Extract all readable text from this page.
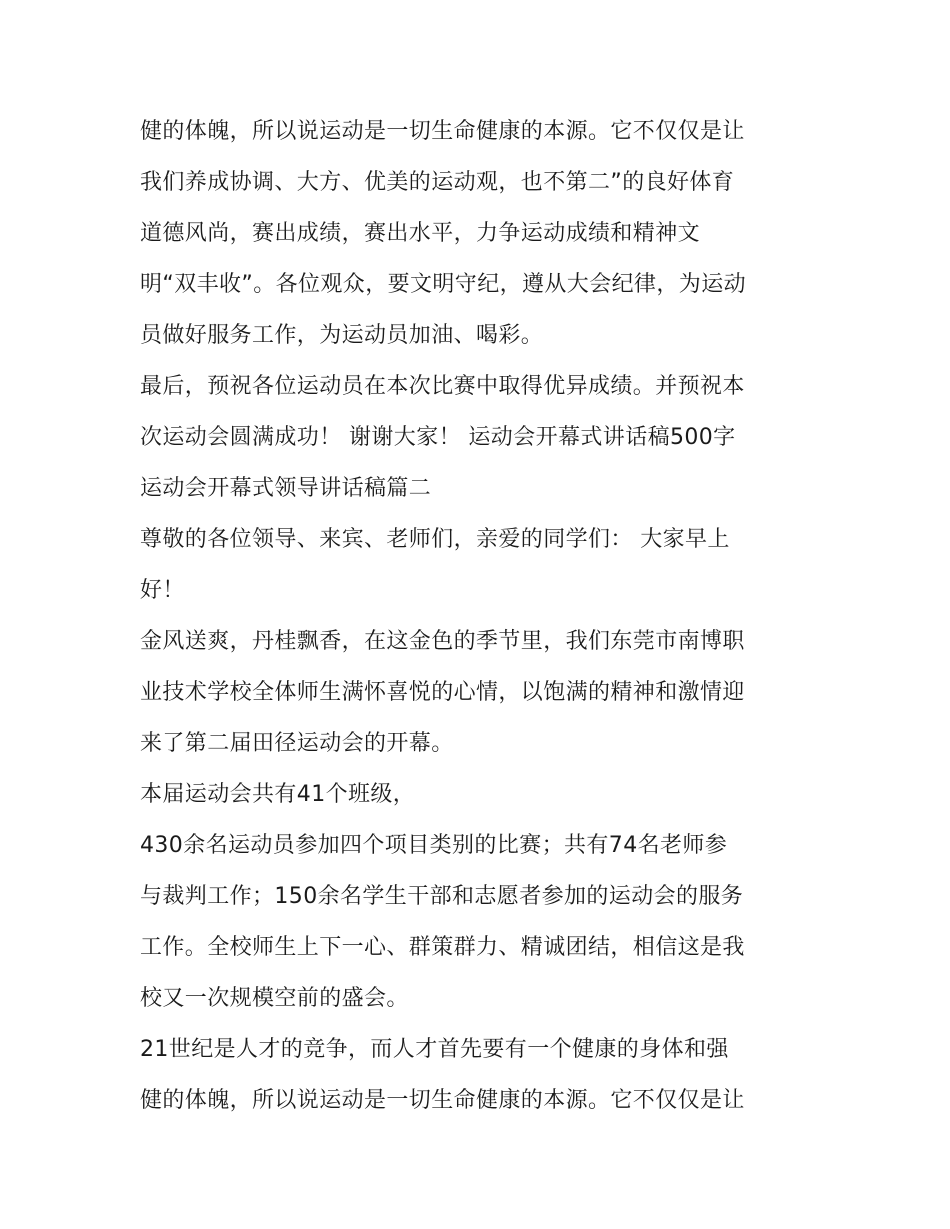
健的体魄，所以说运动是一切生命健康的本源。它不仅仅是让
我们养成协调、大方、优美的运动观，也不第二”的良好体育
道德风尚，赛出成绩，赛出水平，力争运动成绩和精神文
明“双丰收”。各位观众，要文明守纪，遵从大会纪律，为运动
员做好服务工作，为运动员加油、喝彩。
最后，预祝各位运动员在本次比赛中取得优异成绩。并预祝本
次运动会圆满成功！ 谢谢大家！ 运动会开幕式讲话稿500字
运动会开幕式领导讲话稿篇二
尊敬的各位领导、来宾、老师们，亲爱的同学们： 大家早上
好！
金风送爽，丹桂飘香，在这金色的季节里，我们东莞市南博职
业技术学校全体师生满怀喜悦的心情，以饱满的精神和激情迎
来了第二届田径运动会的开幕。
本届运动会共有41个班级，
430余名运动员参加四个项目类别的比赛；共有74名老师参
与裁判工作；150余名学生干部和志愿者参加的运动会的服务
工作。全校师生上下一心、群策群力、精诚团结，相信这是我
校又一次规模空前的盛会。
21世纪是人才的竞争，而人才首先要有一个健康的身体和强
健的体魄，所以说运动是一切生命健康的本源。它不仅仅是让
